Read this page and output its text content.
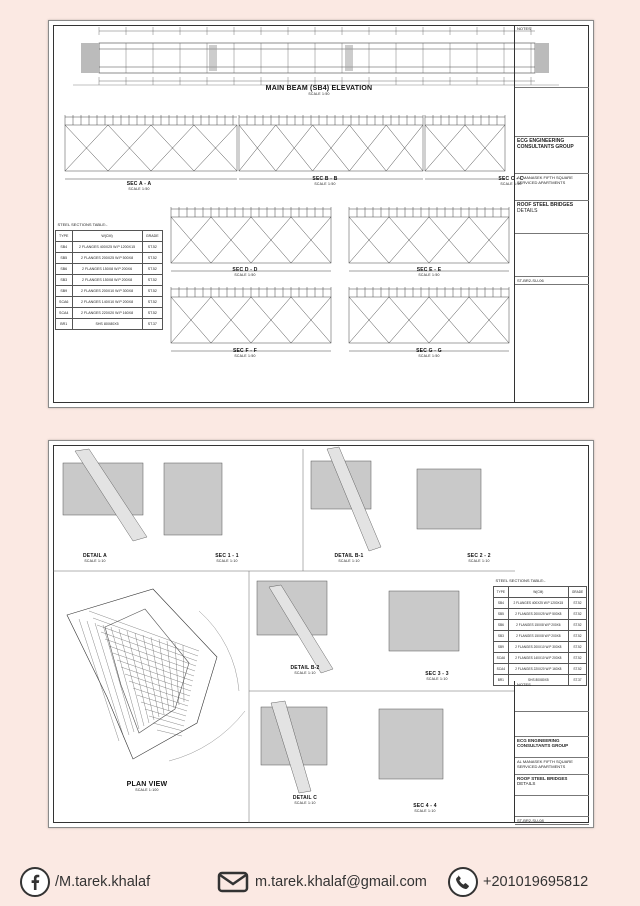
MAIN BEAM (SB4) ELEVATION
SCALE 1:50
SEC A - A
SCALE 1:50
SEC B - B
SCALE 1:50
SEC C - C
SCALE 1:50
SEC D - D
SCALE 1:50
SEC E - E
SCALE 1:50
SEC F - F
SCALE 1:50
SEC G - G
SCALE 1:50
STEEL SECTIONS TABLE:-		
TYPE	W(CM)	GRADE
SB4	2 FLANGES 400X25 W.P 1200X15	ST.52
SB5	2 FLANGES 200X25 W.P 500X8	ST.52
SB6	2 FLANGES 150X8 W.P 200X6	ST.52
SB3	2 FLANGES 150X8 W.P 200X8	ST.52
SB9	2 FLANGES 200X10 W.P 300X8	ST.52
SCA6	2 FLANGES 140X10 W.P 200X8	ST.52
SCA4	2 FLANGES 220X20 W.P 160X8	ST.52
BR1	SHS 80X80X5	ST.37
NOTES
ECG ENGINEERING CONSULTANTS GROUP
AL MANASEK FIFTH SQUARE
SERVICED APARTMENTS
ROOF STEEL BRIDGES
DETAILS
ST-BR2-SU-06
DETAIL A
SCALE 1:10
SEC 1 - 1
SCALE 1:10
DETAIL B-1
SCALE 1:10
SEC 2 - 2
SCALE 1:10
PLAN VIEW
SCALE 1:100
DETAIL B-2
SCALE 1:10	SEC 3 - 3
SCALE 1:10
DETAIL C
SCALE 1:10	SEC 4 - 4
SCALE 1:10
STEEL SECTIONS TABLE:-		
TYPE	W(CM)	GRADE
SB4	2 FLANGES 400X25 W.P 1200X15	ST.52
SB5	2 FLANGES 200X25 W.P 500X8	ST.52
SB6	2 FLANGES 150X8 W.P 200X6	ST.52
SB3	2 FLANGES 150X8 W.P 200X8	ST.52
SB9	2 FLANGES 200X10 W.P 300X8	ST.52
SCA6	2 FLANGES 140X10 W.P 200X8	ST.52
SCA4	2 FLANGES 220X20 W.P 160X8	ST.52
BR1	SHS 80X80X5	ST.37
NOTES
ECG ENGINEERING CONSULTANTS GROUP
AL MANASEK FIFTH SQUARE
SERVICED APARTMENTS
ROOF STEEL BRIDGES
DETAILS
ST-BR2-SU-08
/M.tarek.khalaf	m.tarek.khalaf@gmail.com	+201019695812
